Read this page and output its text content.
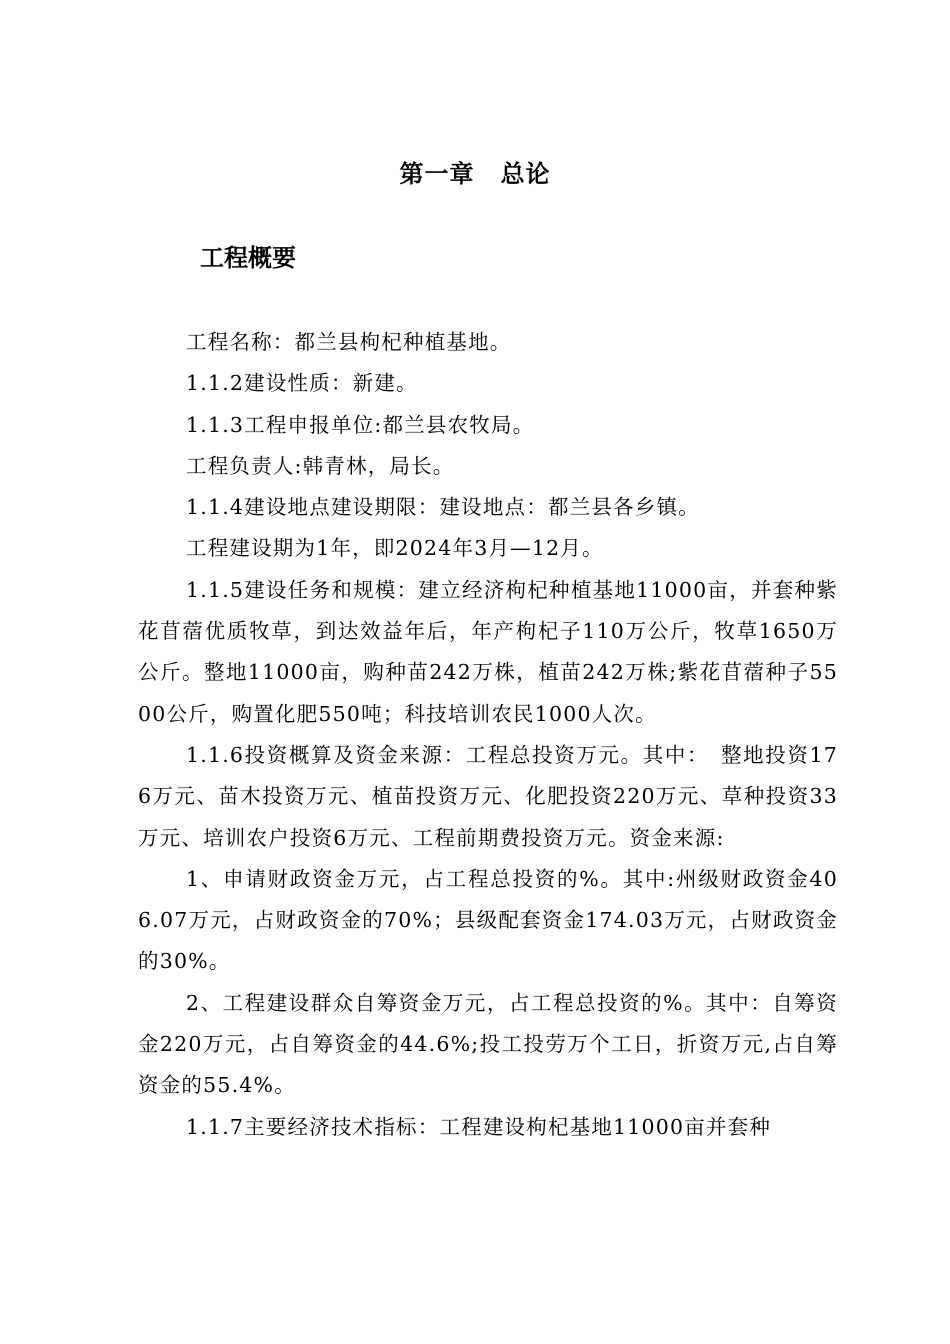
第一章 总论
工程概要

工程名称：都兰县枸杞种植基地。

1.1.2建设性质：新建。

1.1.3工程申报单位:都兰县农牧局。

工程负责人:韩青林，局长。

1.1.4建设地点建设期限：建设地点：都兰县各乡镇。

工程建设期为1年，即2024年3月—12月。

1.1.5建设任务和规模：建立经济枸杞种植基地11000亩，并套种紫花苜蓿优质牧草，到达效益年后，年产枸杞子110万公斤，牧草1650万公斤。整地11000亩，购种苗242万株，植苗242万株;紫花苜蓿种子5500公斤，购置化肥550吨；科技培训农民1000人次。

1.1.6投资概算及资金来源：工程总投资万元。其中：　整地投资176万元、苗木投资万元、植苗投资万元、化肥投资220万元、草种投资33万元、培训农户投资6万元、工程前期费投资万元。资金来源:

1、申请财政资金万元，占工程总投资的%。其中:州级财政资金406.07万元，占财政资金的70%；县级配套资金174.03万元，占财政资金的30%。

2、工程建设群众自筹资金万元，占工程总投资的%。其中：自筹资金220万元，占自筹资金的44.6%;投工投劳万个工日，折资万元,占自筹资金的55.4%。

1.1.7主要经济技术指标：工程建设枸杞基地11000亩并套种
